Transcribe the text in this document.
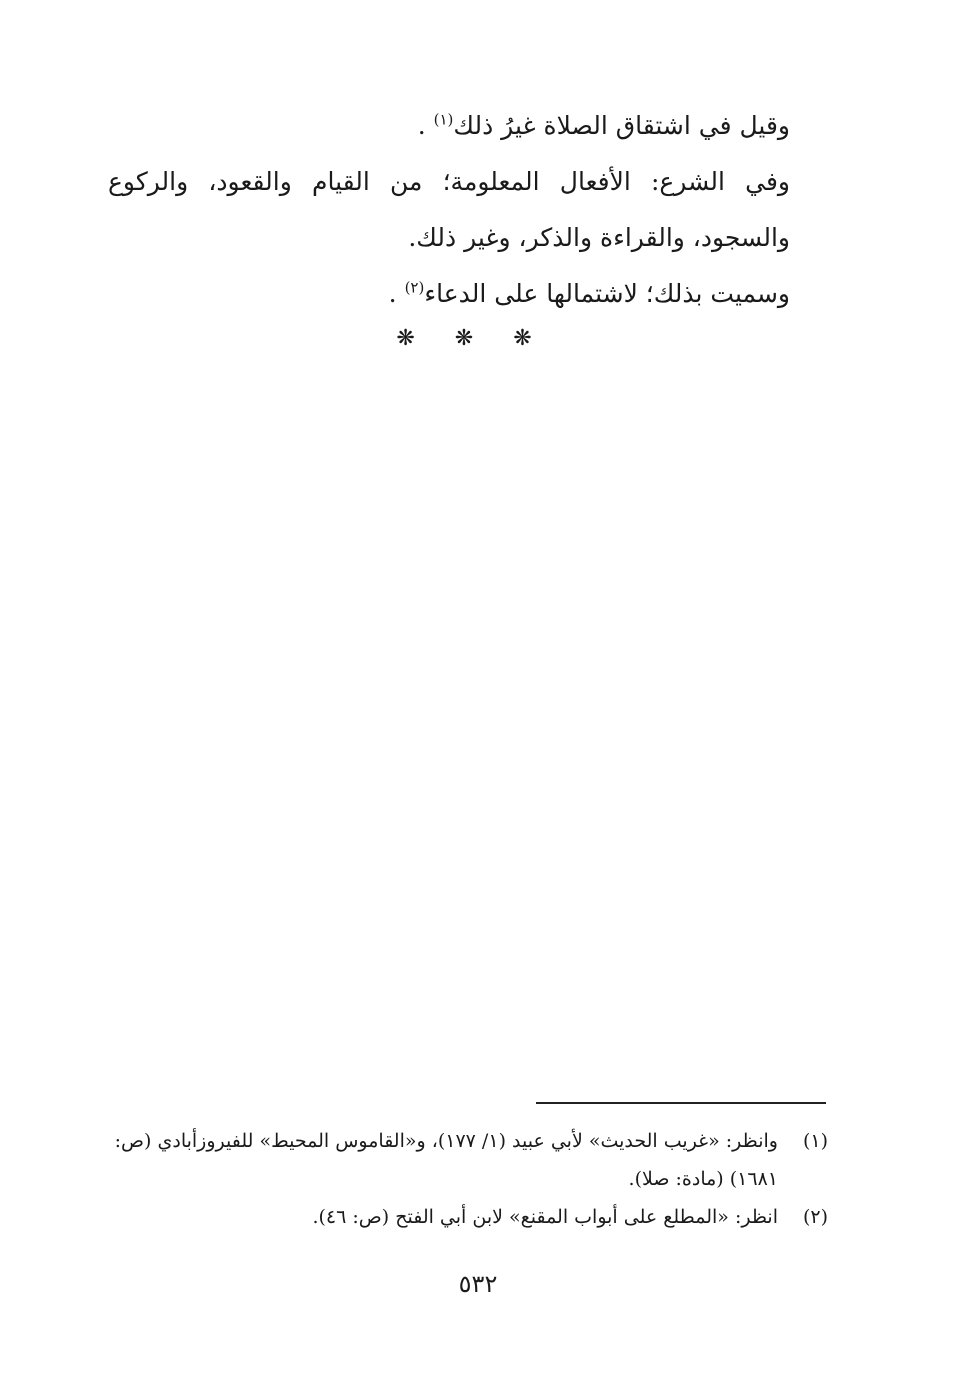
وقيل في اشتقاق الصلاة غيرُ ذلك$^{(١)}$ .

وفي الشرع: الأفعال المعلومة؛ من القيام والقعود، والركوع والسجود، والقراءة والذكر، وغير ذلك.

وسميت بذلك؛ لاشتمالها على الدعاء$^{(٢)}$ .

❋ ❋ ❋

(١)
وانظر: «غريب الحديث» لأبي عبيد (١/ ١٧٧)، و«القاموس المحيط» للفيروزأبادي (ص: ١٦٨١) (مادة: صلا).

(٢)
انظر: «المطلع على أبواب المقنع» لابن أبي الفتح (ص: ٤٦).

٥٣٢
